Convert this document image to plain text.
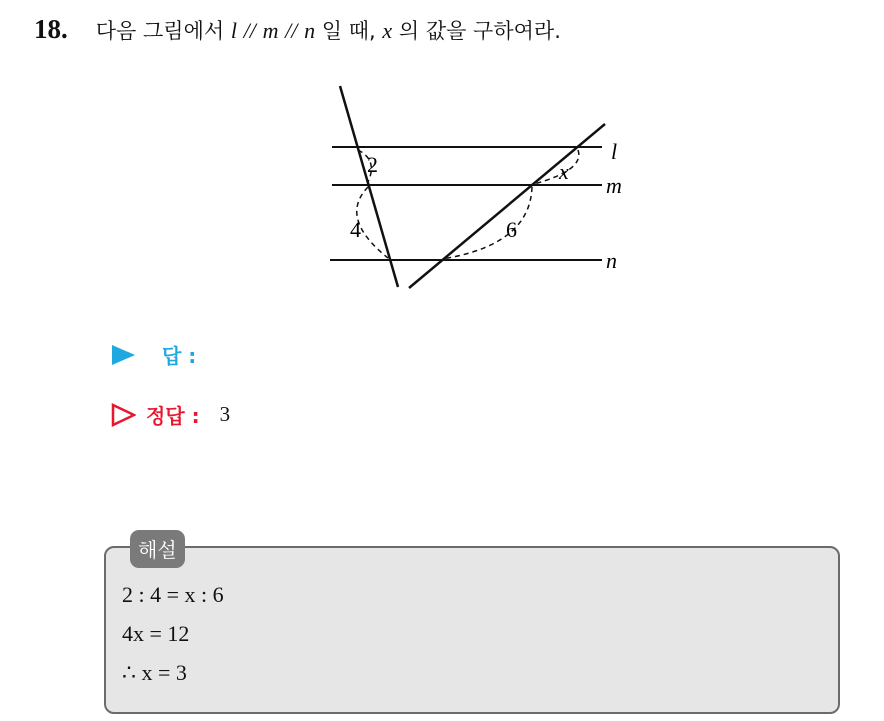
18. 다음 그림에서 l // m // n 일 때, x 의 값을 구하여라.
2
4	6
x
l
m
n
답 :
정답 : 3
해설
2 : 4 = x : 6
4x = 12
∴ x = 3
